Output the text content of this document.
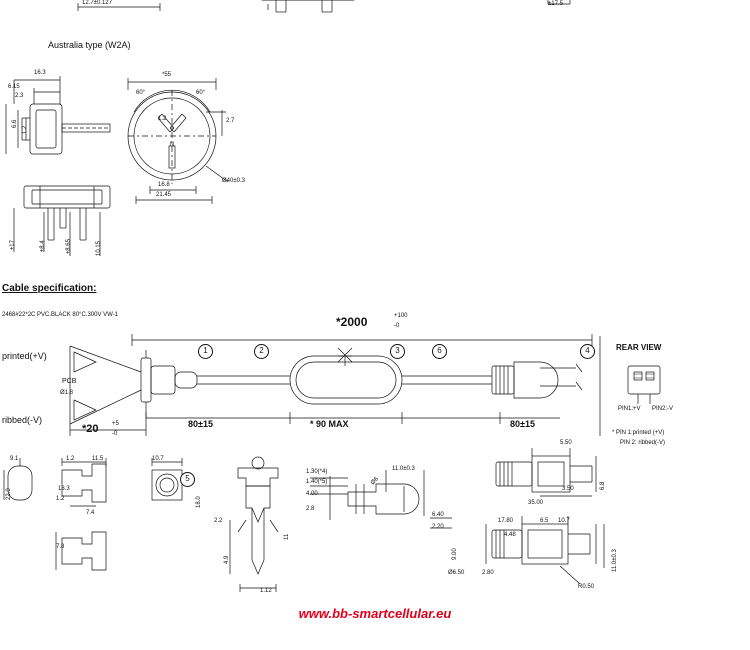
12.7±0.127	±17.5
Australia type (W2A)
16.3
6.15
2.3
6.6
1.2
*55
60°	60°
2.7
16.8
21.45
Ø40±0.3
N
1.2
±17	±8.4	±8.65	10.15
Cable specification:
2468#22*2C PVC.BLACK 80°C.300V VW-1	*2000	+100
-0
printed(+V)
ribbed(-V)
PCB
Ø1.8
*20 +5
-0
80±15	* 90 MAX	80±15
1	2	3	4
5
6	REAR VIEW
PIN1:+V PIN2:-V
* PIN 1:printed (+V)
PIN 2: ribbed(-V)
9.1
22.0
1.2	11.5
13.3
1.2
7.4
7.8
10.7
18.0
2.2
11
4.9
1.12
1.30(*4)
1.40(*5)
4.00
2.8
Ø6
11.0±0.3
6.40
2.20
5.50
3.50	6.8
35.00
17.80	6.5 10.7
4.48
9.00
Ø6.50	2.80
11.0±0.3
R0.50
www.bb-smartcellular.eu
